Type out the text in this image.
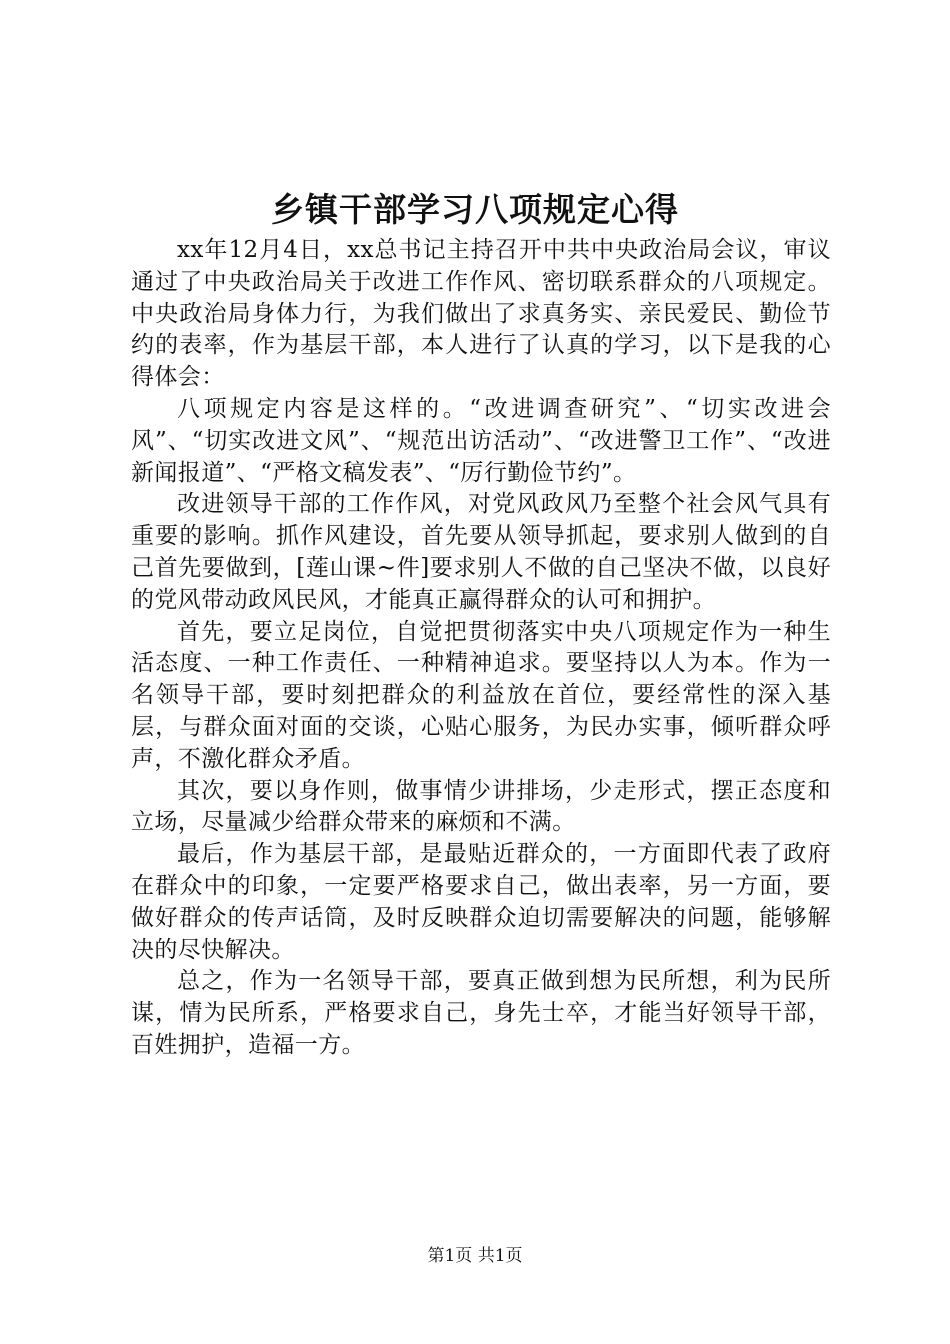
乡镇干部学习八项规定心得

xx年12月4日，xx总书记主持召开中共中央政治局会议，审议通过了中央政治局关于改进工作作风、密切联系群众的八项规定。中央政治局身体力行，为我们做出了求真务实、亲民爱民、勤俭节约的表率，作为基层干部，本人进行了认真的学习，以下是我的心得体会：

八项规定内容是这样的。“改进调查研究”、“切实改进会风”、“切实改进文风”、“规范出访活动”、“改进警卫工作”、“改进新闻报道”、“严格文稿发表”、“厉行勤俭节约”。

改进领导干部的工作作风，对党风政风乃至整个社会风气具有重要的影响。抓作风建设，首先要从领导抓起，要求别人做到的自己首先要做到，[莲山课~件]要求别人不做的自己坚决不做，以良好的党风带动政风民风，才能真正赢得群众的认可和拥护。

首先，要立足岗位，自觉把贯彻落实中央八项规定作为一种生活态度、一种工作责任、一种精神追求。要坚持以人为本。作为一名领导干部，要时刻把群众的利益放在首位，要经常性的深入基层，与群众面对面的交谈，心贴心服务，为民办实事，倾听群众呼声，不激化群众矛盾。

其次，要以身作则，做事情少讲排场，少走形式，摆正态度和立场，尽量减少给群众带来的麻烦和不满。

最后，作为基层干部，是最贴近群众的，一方面即代表了政府在群众中的印象，一定要严格要求自己，做出表率，另一方面，要做好群众的传声话筒，及时反映群众迫切需要解决的问题，能够解决的尽快解决。

总之，作为一名领导干部，要真正做到想为民所想，利为民所谋，情为民所系，严格要求自己，身先士卒，才能当好领导干部，百姓拥护，造福一方。

第1页 共1页
